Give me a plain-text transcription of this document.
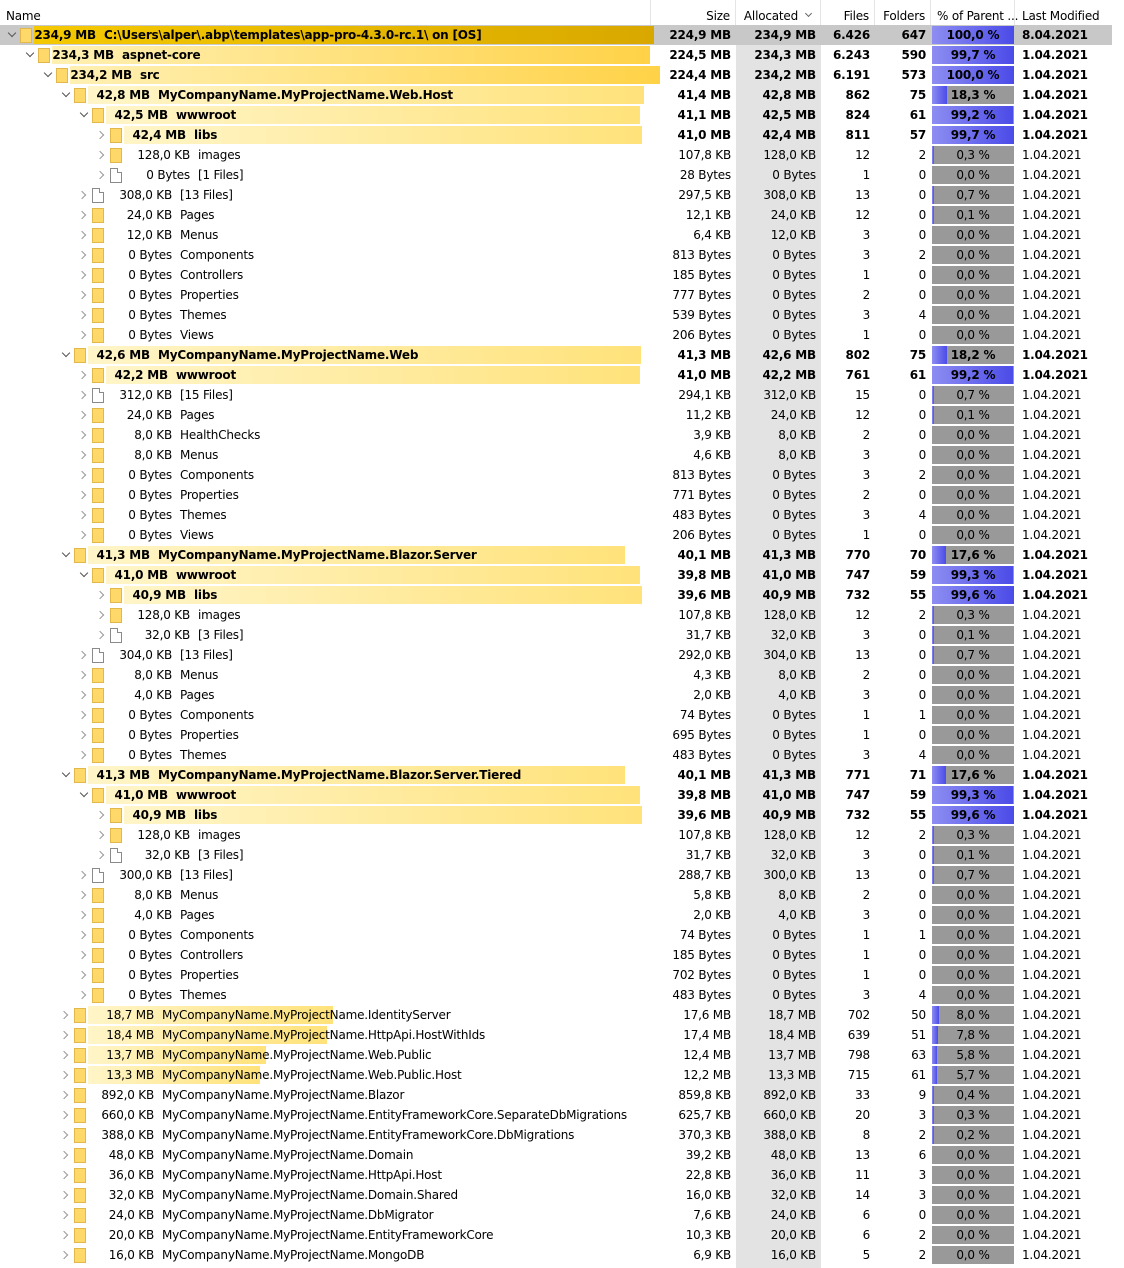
Name	Size	Allocated	Files	Folders	% of Parent ... Last Modified
234,9 MB C:\Users\alper\.abp\templates\app-pro-4.3.0-rc.1\ on [OS]	224,9 MB	234,9 MB	6.426	647	100,0 %	8.04.2021
234,3 MB aspnet-core	224,5 MB	234,3 MB	6.243	590	99,7 %	1.04.2021
234,2 MB src	224,4 MB	234,2 MB	6.191	573	100,0 %	1.04.2021
42,8 MB MyCompanyName.MyProjectName.Web.Host	41,4 MB	42,8 MB	862	75	18,3 %	1.04.2021
42,5 MB wwwroot	41,1 MB	42,5 MB	824	61	99,2 %	1.04.2021
42,4 MB libs	41,0 MB	42,4 MB	811	57	99,7 %	1.04.2021
128,0 KB images	107,8 KB	128,0 KB	12	2	0,3 %	1.04.2021
0 Bytes [1 Files]	28 Bytes	0 Bytes	1	0	0,0 %	1.04.2021
308,0 KB [13 Files]	297,5 KB	308,0 KB	13	0	0,7 %	1.04.2021
24,0 KB Pages	12,1 KB	24,0 KB	12	0	0,1 %	1.04.2021
12,0 KB Menus	6,4 KB	12,0 KB	3	0	0,0 %	1.04.2021
0 Bytes Components	813 Bytes	0 Bytes	3	2	0,0 %	1.04.2021
0 Bytes Controllers	185 Bytes	0 Bytes	1	0	0,0 %	1.04.2021
0 Bytes Properties	777 Bytes	0 Bytes	2	0	0,0 %	1.04.2021
0 Bytes Themes	539 Bytes	0 Bytes	3	4	0,0 %	1.04.2021
0 Bytes Views	206 Bytes	0 Bytes	1	0	0,0 %	1.04.2021
42,6 MB MyCompanyName.MyProjectName.Web	41,3 MB	42,6 MB	802	75	18,2 %	1.04.2021
42,2 MB wwwroot	41,0 MB	42,2 MB	761	61	99,2 %	1.04.2021
312,0 KB [15 Files]	294,1 KB	312,0 KB	15	0	0,7 %	1.04.2021
24,0 KB Pages	11,2 KB	24,0 KB	12	0	0,1 %	1.04.2021
8,0 KB HealthChecks	3,9 KB	8,0 KB	2	0	0,0 %	1.04.2021
8,0 KB Menus	4,6 KB	8,0 KB	3	0	0,0 %	1.04.2021
0 Bytes Components	813 Bytes	0 Bytes	3	2	0,0 %	1.04.2021
0 Bytes Properties	771 Bytes	0 Bytes	2	0	0,0 %	1.04.2021
0 Bytes Themes	483 Bytes	0 Bytes	3	4	0,0 %	1.04.2021
0 Bytes Views	206 Bytes	0 Bytes	1	0	0,0 %	1.04.2021
41,3 MB MyCompanyName.MyProjectName.Blazor.Server	40,1 MB	41,3 MB	770	70	17,6 %	1.04.2021
41,0 MB wwwroot	39,8 MB	41,0 MB	747	59	99,3 %	1.04.2021
40,9 MB libs	39,6 MB	40,9 MB	732	55	99,6 %	1.04.2021
128,0 KB images	107,8 KB	128,0 KB	12	2	0,3 %	1.04.2021
32,0 KB [3 Files]	31,7 KB	32,0 KB	3	0	0,1 %	1.04.2021
304,0 KB [13 Files]	292,0 KB	304,0 KB	13	0	0,7 %	1.04.2021
8,0 KB Menus	4,3 KB	8,0 KB	2	0	0,0 %	1.04.2021
4,0 KB Pages	2,0 KB	4,0 KB	3	0	0,0 %	1.04.2021
0 Bytes Components	74 Bytes	0 Bytes	1	1	0,0 %	1.04.2021
0 Bytes Properties	695 Bytes	0 Bytes	1	0	0,0 %	1.04.2021
0 Bytes Themes	483 Bytes	0 Bytes	3	4	0,0 %	1.04.2021
41,3 MB MyCompanyName.MyProjectName.Blazor.Server.Tiered	40,1 MB	41,3 MB	771	71	17,6 %	1.04.2021
41,0 MB wwwroot	39,8 MB	41,0 MB	747	59	99,3 %	1.04.2021
40,9 MB libs	39,6 MB	40,9 MB	732	55	99,6 %	1.04.2021
128,0 KB images	107,8 KB	128,0 KB	12	2	0,3 %	1.04.2021
32,0 KB [3 Files]	31,7 KB	32,0 KB	3	0	0,1 %	1.04.2021
300,0 KB [13 Files]	288,7 KB	300,0 KB	13	0	0,7 %	1.04.2021
8,0 KB Menus	5,8 KB	8,0 KB	2	0	0,0 %	1.04.2021
4,0 KB Pages	2,0 KB	4,0 KB	3	0	0,0 %	1.04.2021
0 Bytes Components	74 Bytes	0 Bytes	1	1	0,0 %	1.04.2021
0 Bytes Controllers	185 Bytes	0 Bytes	1	0	0,0 %	1.04.2021
0 Bytes Properties	702 Bytes	0 Bytes	1	0	0,0 %	1.04.2021
0 Bytes Themes	483 Bytes	0 Bytes	3	4	0,0 %	1.04.2021
18,7 MB MyCompanyName.MyProjectName.IdentityServer	17,6 MB	18,7 MB	702	50	8,0 %	1.04.2021
18,4 MB MyCompanyName.MyProjectName.HttpApi.HostWithIds	17,4 MB	18,4 MB	639	51	7,8 %	1.04.2021
13,7 MB MyCompanyName.MyProjectName.Web.Public	12,4 MB	13,7 MB	798	63	5,8 %	1.04.2021
13,3 MB MyCompanyName.MyProjectName.Web.Public.Host	12,2 MB	13,3 MB	715	61	5,7 %	1.04.2021
892,0 KB MyCompanyName.MyProjectName.Blazor	859,8 KB	892,0 KB	33	9	0,4 %	1.04.2021
660,0 KB MyCompanyName.MyProjectName.EntityFrameworkCore.SeparateDbMigrations	625,7 KB	660,0 KB	20	3	0,3 %	1.04.2021
388,0 KB MyCompanyName.MyProjectName.EntityFrameworkCore.DbMigrations	370,3 KB	388,0 KB	8	2	0,2 %	1.04.2021
48,0 KB MyCompanyName.MyProjectName.Domain	39,2 KB	48,0 KB	13	6	0,0 %	1.04.2021
36,0 KB MyCompanyName.MyProjectName.HttpApi.Host	22,8 KB	36,0 KB	11	3	0,0 %	1.04.2021
32,0 KB MyCompanyName.MyProjectName.Domain.Shared	16,0 KB	32,0 KB	14	3	0,0 %	1.04.2021
24,0 KB MyCompanyName.MyProjectName.DbMigrator	7,6 KB	24,0 KB	6	0	0,0 %	1.04.2021
20,0 KB MyCompanyName.MyProjectName.EntityFrameworkCore	10,3 KB	20,0 KB	6	2	0,0 %	1.04.2021
16,0 KB MyCompanyName.MyProjectName.MongoDB	6,9 KB	16,0 KB	5	2	0,0 %	1.04.2021
